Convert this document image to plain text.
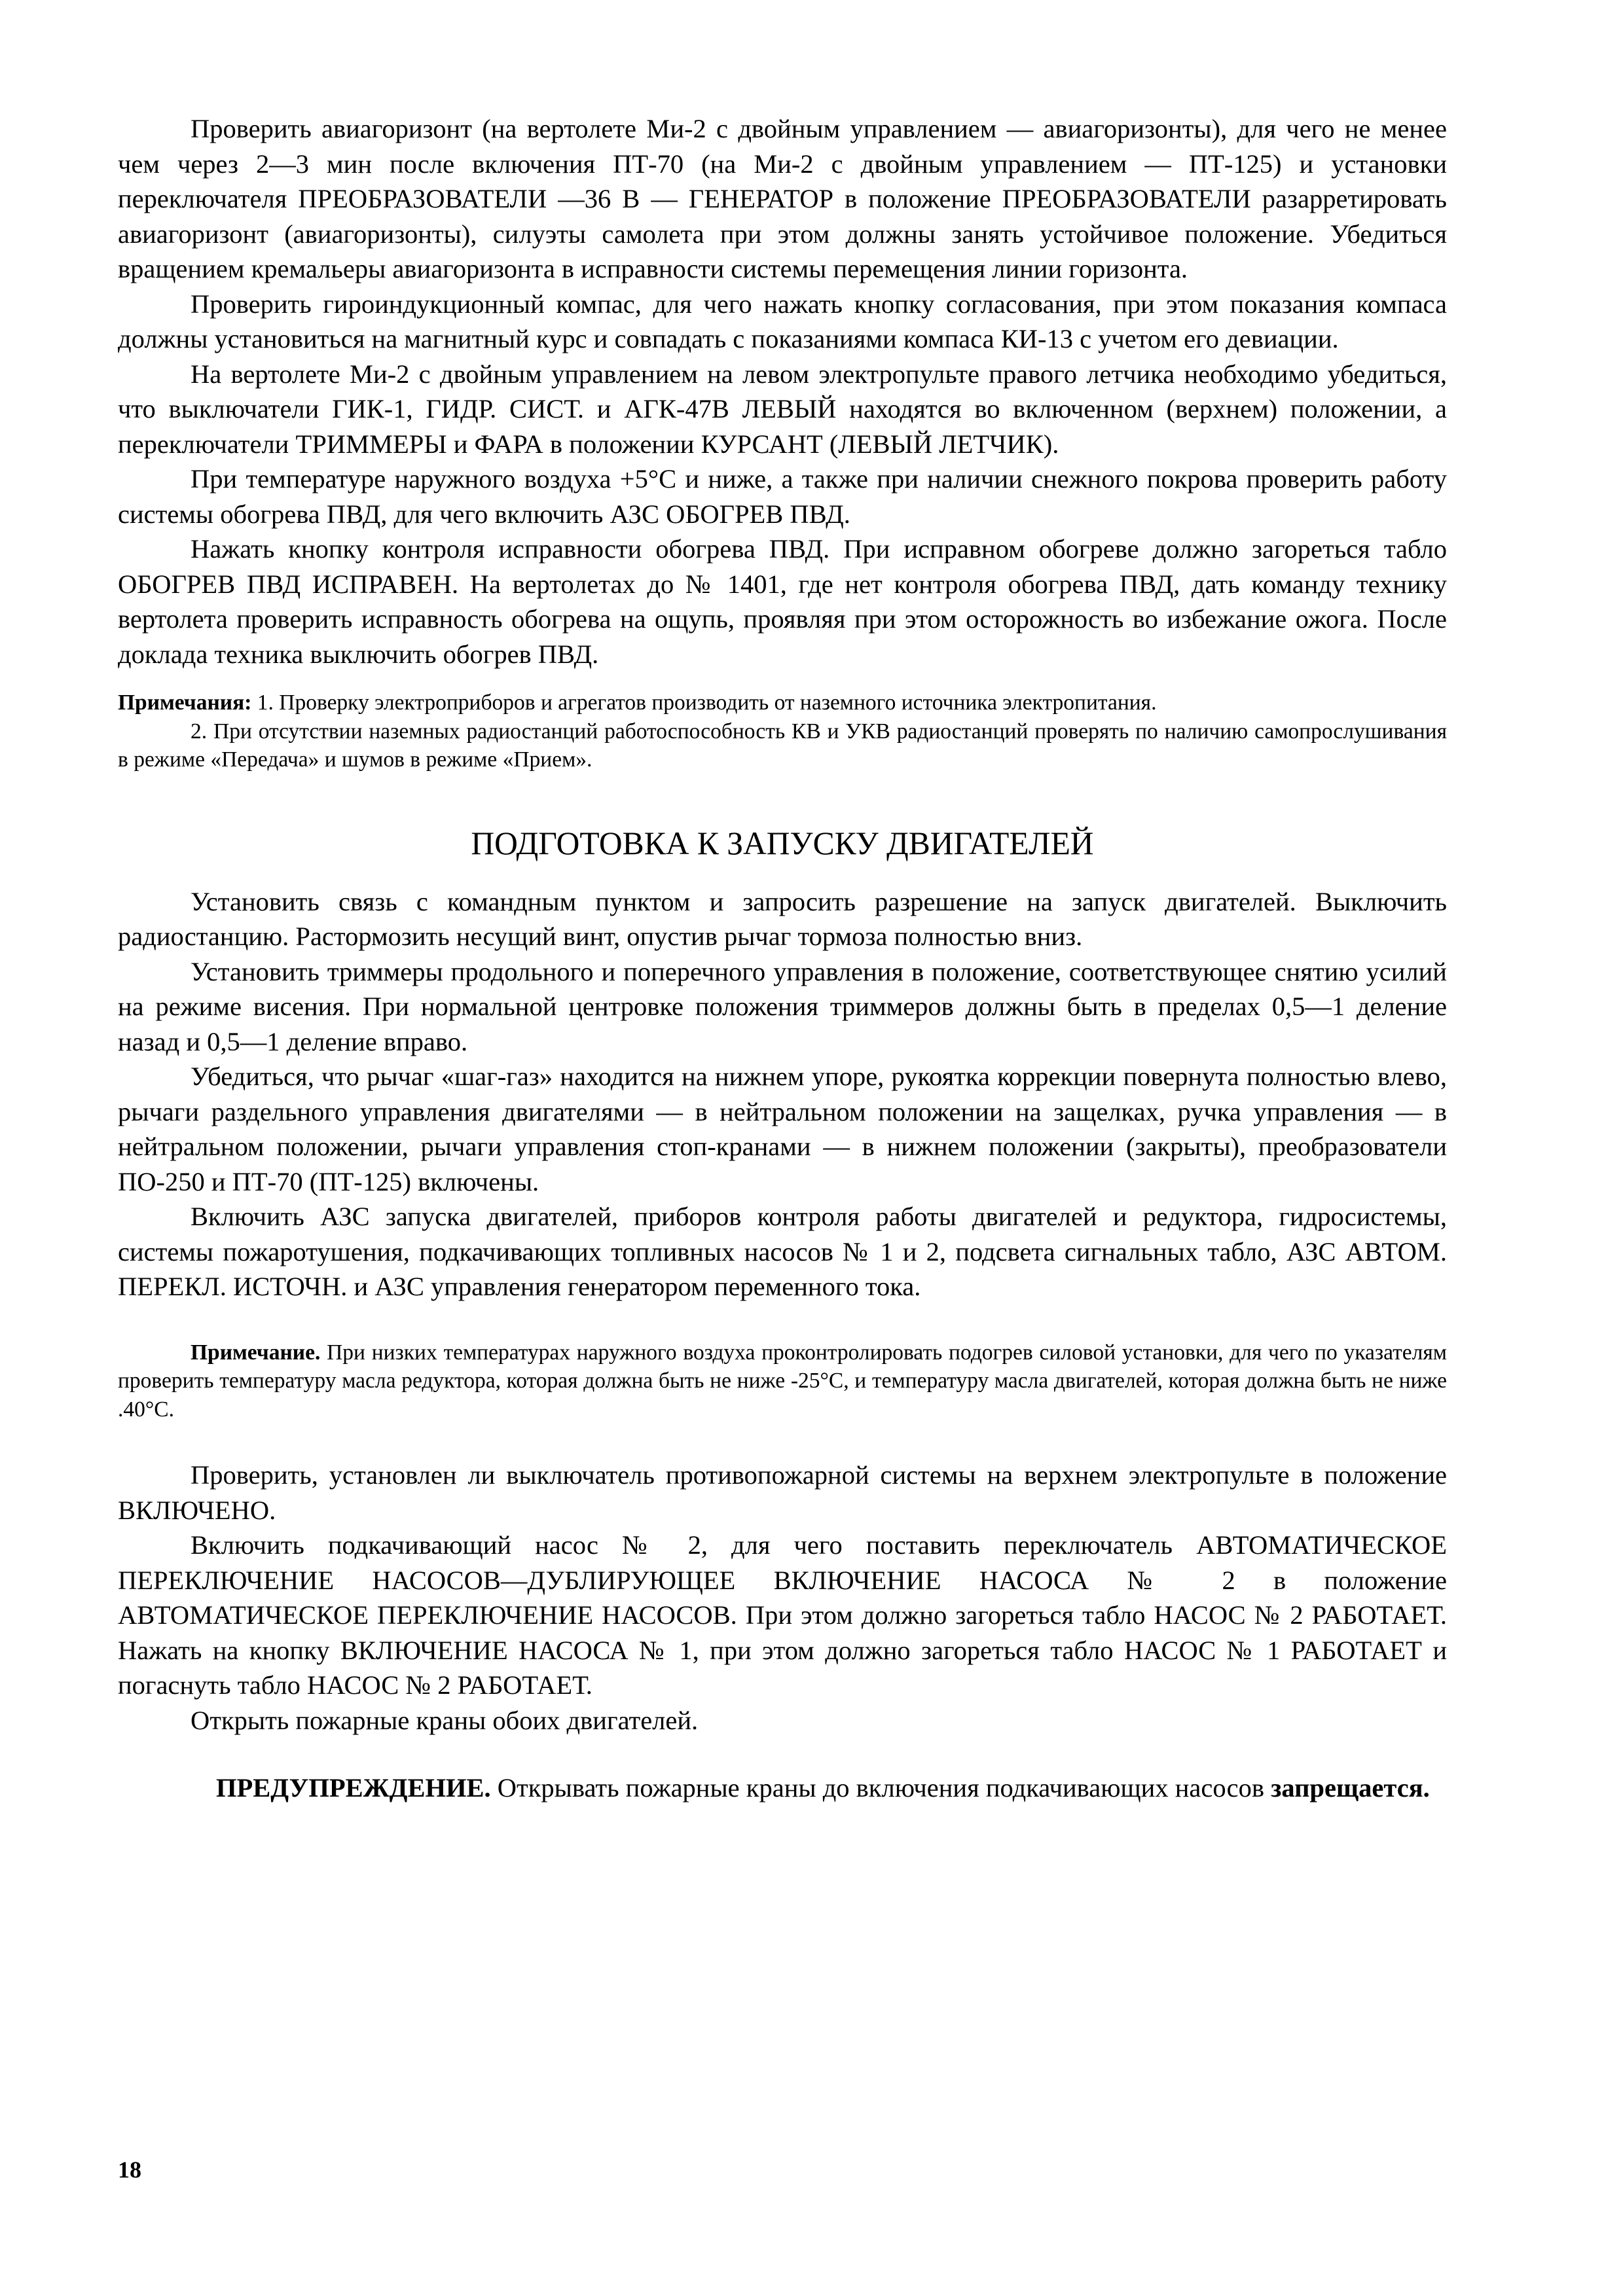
Проверить авиагоризонт (на вертолете Ми-2 с двойным управлением — авиагоризонты), для чего не менее чем через 2—3 мин после включения ПТ-70 (на Ми-2 с двойным управлением — ПТ-125) и установки переключателя ПРЕОБРАЗОВАТЕЛИ —36 В — ГЕНЕРАТОР в положение ПРЕОБРАЗОВАТЕЛИ разарретировать авиагоризонт (авиагоризонты), силуэты самолета при этом должны занять устойчивое положение. Убедиться вращением кремальеры авиагоризонта в исправности системы перемещения линии горизонта.

Проверить гироиндукционный компас, для чего нажать кнопку согласования, при этом показания компаса должны установиться на магнитный курс и совпадать с показаниями компаса КИ-13 с учетом его девиации.

На вертолете Ми-2 с двойным управлением на левом электропульте правого летчика необходимо убедиться, что выключатели ГИК-1, ГИДР. СИСТ. и АГК-47В ЛЕВЫЙ находятся во включенном (верхнем) положении, а переключатели ТРИММЕРЫ и ФАРА в положении КУРСАНТ (ЛЕВЫЙ ЛЕТЧИК).

При температуре наружного воздуха +5°С и ниже, а также при наличии снежного покрова проверить работу системы обогрева ПВД, для чего включить АЗС ОБОГРЕВ ПВД.

Нажать кнопку контроля исправности обогрева ПВД. При исправном обогреве должно загореться табло ОБОГРЕВ ПВД ИСПРАВЕН. На вертолетах до № 1401, где нет контроля обогрева ПВД, дать команду технику вертолета проверить исправность обогрева на ощупь, проявляя при этом осторожность во избежание ожога. После доклада техника выключить обогрев ПВД.

Примечания: 1. Проверку электроприборов и агрегатов производить от наземного источника электропитания.

2. При отсутствии наземных радиостанций работоспособность КВ и УКВ радиостанций проверять по наличию самопрослушивания в режиме «Передача» и шумов в режиме «Прием».

ПОДГОТОВКА К ЗАПУСКУ ДВИГАТЕЛЕЙ

Установить связь с командным пунктом и запросить разрешение на запуск двигателей. Выключить радиостанцию. Растормозить несущий винт, опустив рычаг тормоза полностью вниз.

Установить триммеры продольного и поперечного управления в положение, соответствующее снятию усилий на режиме висения. При нормальной центровке положения триммеров должны быть в пределах 0,5—1 деление назад и 0,5—1 деление вправо.

Убедиться, что рычаг «шаг-газ» находится на нижнем упоре, рукоятка коррекции повернута полностью влево, рычаги раздельного управления двигателями — в нейтральном положении на защелках, ручка управления — в нейтральном положении, рычаги управления стоп-кранами — в нижнем положении (закрыты), преобразователи ПО-250 и ПТ-70 (ПТ-125) включены.

Включить АЗС запуска двигателей, приборов контроля работы двигателей и редуктора, гидросистемы, системы пожаротушения, подкачивающих топливных насосов № 1 и 2, подсвета сигнальных табло, АЗС АВТОМ. ПЕРЕКЛ. ИСТОЧН. и АЗС управления генератором переменного тока.

Примечание. При низких температурах наружного воздуха проконтролировать подогрев силовой установки, для чего по указателям проверить температуру масла редуктора, которая должна быть не ниже -25°С, и температуру масла двигателей, которая должна быть не ниже .40°С.

Проверить, установлен ли выключатель противопожарной системы на верхнем электропульте в положение ВКЛЮЧЕНО.

Включить подкачивающий насос № 2, для чего поставить переключатель АВТОМАТИЧЕСКОЕ ПЕРЕКЛЮЧЕНИЕ НАСОСОВ—ДУБЛИРУЮЩЕЕ ВКЛЮЧЕНИЕ НАСОСА № 2 в положение АВТОМАТИЧЕСКОЕ ПЕРЕКЛЮЧЕНИЕ НАСОСОВ. При этом должно загореться табло НАСОС № 2 РАБОТАЕТ. Нажать на кнопку ВКЛЮЧЕНИЕ НАСОСА № 1, при этом должно загореться табло НАСОС № 1 РАБОТАЕТ и погаснуть табло НАСОС № 2 РАБОТАЕТ.

Открыть пожарные краны обоих двигателей.

ПРЕДУПРЕЖДЕНИЕ. Открывать пожарные краны до включения подкачивающих насосов запрещается.

18
